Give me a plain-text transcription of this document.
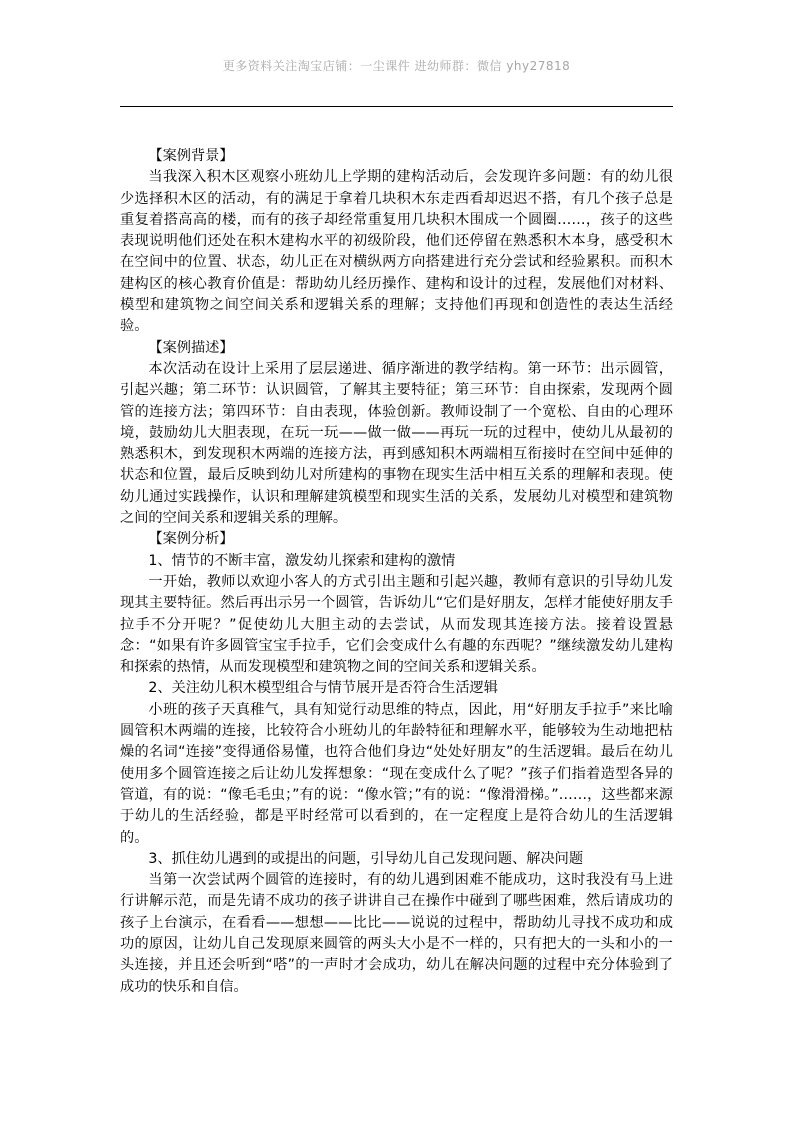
更多资料关注淘宝店铺：一尘课件 进幼师群：微信 yhy27818

【案例背景】

当我深入积木区观察小班幼儿上学期的建构活动后，会发现许多问题：有的幼儿很少选择积木区的活动，有的满足于拿着几块积木东走西看却迟迟不搭，有几个孩子总是重复着搭高高的楼，而有的孩子却经常重复用几块积木围成一个圆圈……，孩子的这些表现说明他们还处在积木建构水平的初级阶段，他们还停留在熟悉积木本身，感受积木在空间中的位置、状态，幼儿正在对横纵两方向搭建进行充分尝试和经验累积。而积木建构区的核心教育价值是：帮助幼儿经历操作、建构和设计的过程，发展他们对材料、模型和建筑物之间空间关系和逻辑关系的理解；支持他们再现和创造性的表达生活经验。

【案例描述】

本次活动在设计上采用了层层递进、循序渐进的教学结构。第一环节：出示圆管，引起兴趣；第二环节：认识圆管，了解其主要特征；第三环节：自由探索，发现两个圆管的连接方法；第四环节：自由表现，体验创新。教师设制了一个宽松、自由的心理环境，鼓励幼儿大胆表现，在玩一玩——做一做——再玩一玩的过程中，使幼儿从最初的熟悉积木，到发现积木两端的连接方法，再到感知积木两端相互衔接时在空间中延伸的状态和位置，最后反映到幼儿对所建构的事物在现实生活中相互关系的理解和表现。使幼儿通过实践操作，认识和理解建筑模型和现实生活的关系，发展幼儿对模型和建筑物之间的空间关系和逻辑关系的理解。

【案例分析】

1、情节的不断丰富，激发幼儿探索和建构的激情

一开始，教师以欢迎小客人的方式引出主题和引起兴趣，教师有意识的引导幼儿发现其主要特征。然后再出示另一个圆管，告诉幼儿“它们是好朋友，怎样才能使好朋友手拉手不分开呢？”促使幼儿大胆主动的去尝试，从而发现其连接方法。接着设置悬念：“如果有许多圆管宝宝手拉手，它们会变成什么有趣的东西呢？”继续激发幼儿建构和探索的热情，从而发现模型和建筑物之间的空间关系和逻辑关系。

2、关注幼儿积木模型组合与情节展开是否符合生活逻辑

小班的孩子天真稚气，具有知觉行动思维的特点，因此，用“好朋友手拉手”来比喻圆管积木两端的连接，比较符合小班幼儿的年龄特征和理解水平，能够较为生动地把枯燥的名词“连接”变得通俗易懂，也符合他们身边“处处好朋友”的生活逻辑。最后在幼儿使用多个圆管连接之后让幼儿发挥想象：“现在变成什么了呢？”孩子们指着造型各异的管道，有的说：“像毛毛虫；”有的说：“像水管；”有的说：“像滑滑梯。”……，这些都来源于幼儿的生活经验，都是平时经常可以看到的，在一定程度上是符合幼儿的生活逻辑的。

3、抓住幼儿遇到的或提出的问题，引导幼儿自己发现问题、解决问题

当第一次尝试两个圆管的连接时，有的幼儿遇到困难不能成功，这时我没有马上进行讲解示范，而是先请不成功的孩子讲讲自己在操作中碰到了哪些困难，然后请成功的孩子上台演示，在看看——想想——比比——说说的过程中，帮助幼儿寻找不成功和成功的原因，让幼儿自己发现原来圆管的两头大小是不一样的，只有把大的一头和小的一头连接，并且还会听到“嗒”的一声时才会成功，幼儿在解决问题的过程中充分体验到了成功的快乐和自信。
